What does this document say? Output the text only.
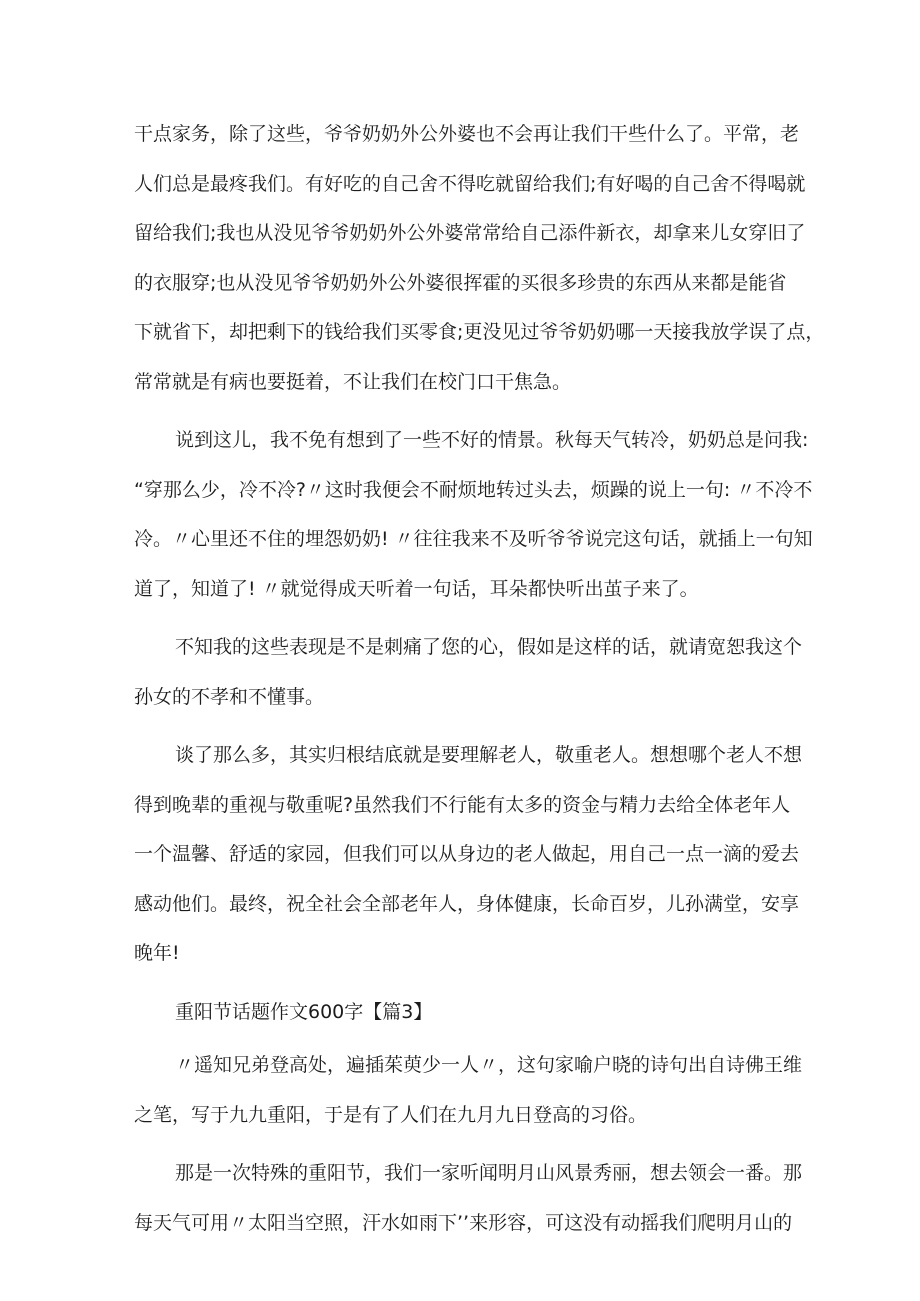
干点家务，除了这些，爷爷奶奶外公外婆也不会再让我们干些什么了。平常，老
人们总是最疼我们。有好吃的自己舍不得吃就留给我们;有好喝的自己舍不得喝就
留给我们;我也从没见爷爷奶奶外公外婆常常给自己添件新衣，却拿来儿女穿旧了
的衣服穿;也从没见爷爷奶奶外公外婆很挥霍的买很多珍贵的东西从来都是能省
下就省下，却把剩下的钱给我们买零食;更没见过爷爷奶奶哪一天接我放学误了点，
常常就是有病也要挺着，不让我们在校门口干焦急。
说到这儿，我不免有想到了一些不好的情景。秋每天气转冷，奶奶总是问我:
“穿那么少，冷不冷?〃这时我便会不耐烦地转过头去，烦躁的说上一句: 〃不冷不
冷。〃心里还不住的埋怨奶奶! 〃往往我来不及听爷爷说完这句话，就插上一句知
道了，知道了! 〃就觉得成天听着一句话，耳朵都快听出茧子来了。
不知我的这些表现是不是刺痛了您的心，假如是这样的话，就请宽恕我这个
孙女的不孝和不懂事。
谈了那么多，其实归根结底就是要理解老人，敬重老人。想想哪个老人不想
得到晚辈的重视与敬重呢?虽然我们不行能有太多的资金与精力去给全体老年人
一个温馨、舒适的家园，但我们可以从身边的老人做起，用自己一点一滴的爱去
感动他们。最终，祝全社会全部老年人，身体健康，长命百岁，儿孙满堂，安享
晚年!
重阳节话题作文600字【篇3】
〃遥知兄弟登高处，遍插茱萸少一人〃，这句家喻户晓的诗句出自诗佛王维
之笔，写于九九重阳，于是有了人们在九月九日登高的习俗。
那是一次特殊的重阳节，我们一家听闻明月山风景秀丽，想去领会一番。那
每天气可用〃太阳当空照，汗水如雨下’’来形容，可这没有动摇我们爬明月山的
